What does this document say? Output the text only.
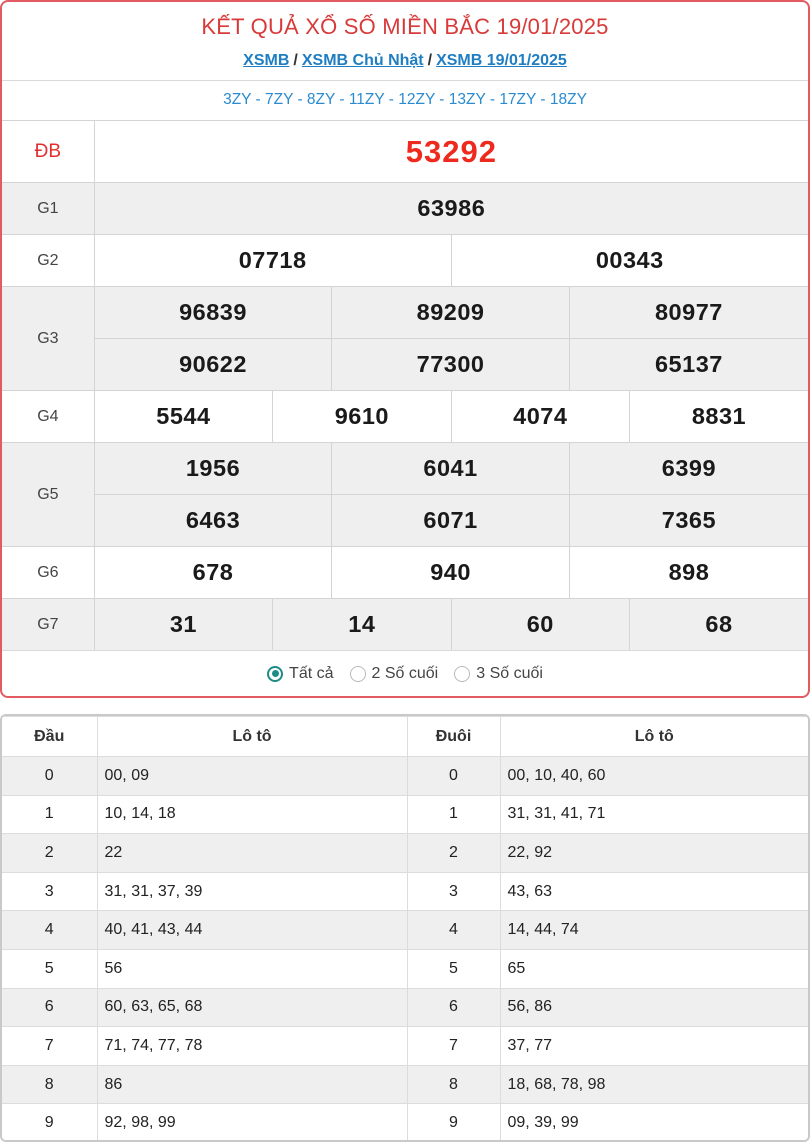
KẾT QUẢ XỔ SỐ MIỀN BẮC 19/01/2025
XSMB / XSMB Chủ Nhật / XSMB 19/01/2025
3ZY - 7ZY - 8ZY - 11ZY - 12ZY - 13ZY - 17ZY - 18ZY
ĐB	53292											
G1	63986											
G2	07718						00343					
G3	96839				89209				80977			
	90622				77300				65137			
G4	5544			9610			4074			8831		
G5	1956				6041				6399			
	6463				6071				7365			
G6	678				940				898			
G7	31			14			60			68		

Tất cả 2 Số cuối 3 Số cuối
Đầu	Lô tô	Đuôi	Lô tô
0	00, 09	0	00, 10, 40, 60
1	10, 14, 18	1	31, 31, 41, 71
2	22	2	22, 92
3	31, 31, 37, 39	3	43, 63
4	40, 41, 43, 44	4	14, 44, 74
5	56	5	65
6	60, 63, 65, 68	6	56, 86
7	71, 74, 77, 78	7	37, 77
8	86	8	18, 68, 78, 98
9	92, 98, 99	9	09, 39, 99
